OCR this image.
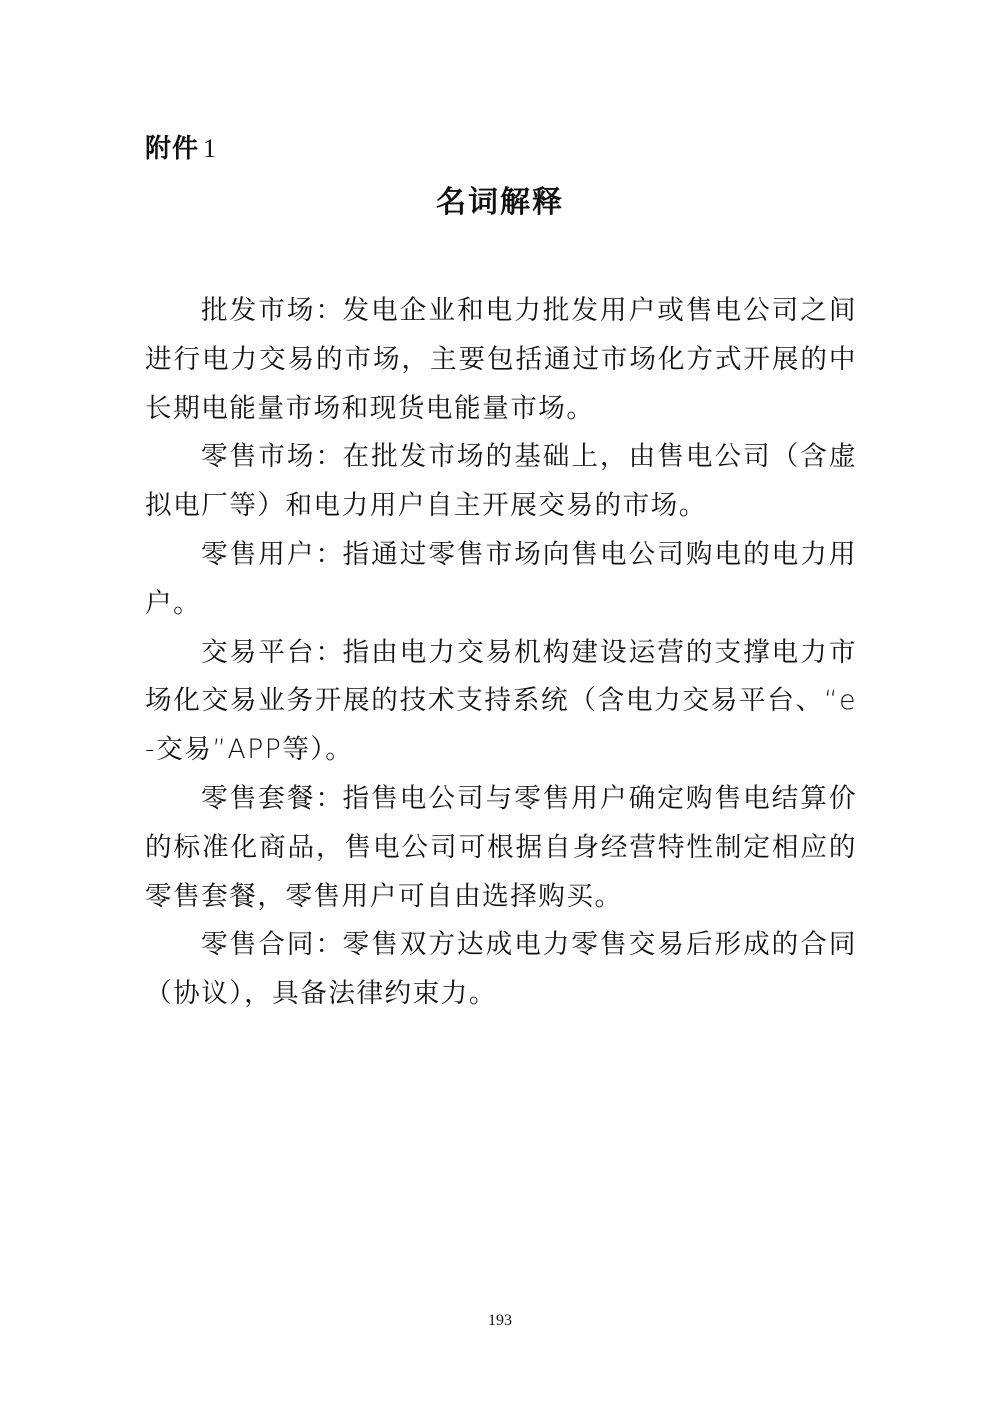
附件 1
名词解释

批发市场：发电企业和电力批发用户或售电公司之间进行电力交易的市场，主要包括通过市场化方式开展的中长期电能量市场和现货电能量市场。

零售市场：在批发市场的基础上，由售电公司（含虚拟电厂等）和电力用户自主开展交易的市场。

零售用户：指通过零售市场向售电公司购电的电力用户。

交易平台：指由电力交易机构建设运营的支撑电力市场化交易业务开展的技术支持系统（含电力交易平台、“e-交易”APP等）。

零售套餐：指售电公司与零售用户确定购售电结算价的标准化商品，售电公司可根据自身经营特性制定相应的零售套餐，零售用户可自由选择购买。

零售合同：零售双方达成电力零售交易后形成的合同（协议），具备法律约束力。

193
